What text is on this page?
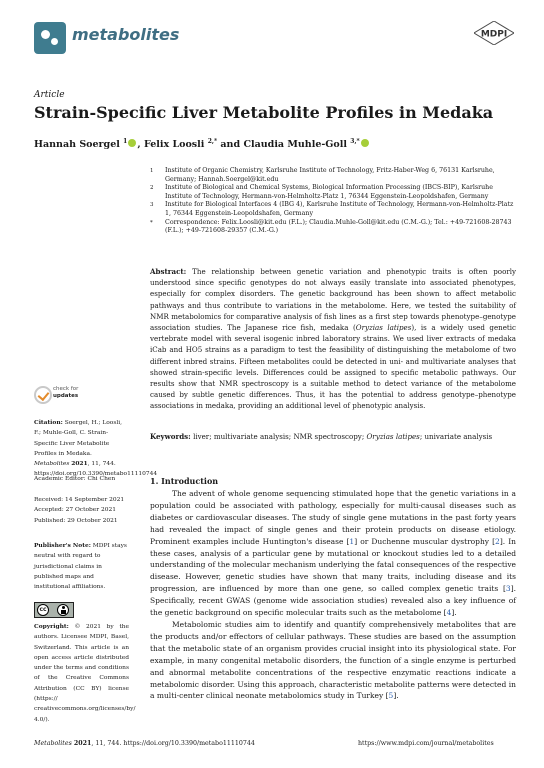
metabolites	MDPI
Article
Strain-Specific Liver Metabolite Profiles in Medaka
Hannah Soergel $^1$ , Felix Loosli $^{2,*}$ and Claudia Muhle-Goll $^{3,*}$
1 Institute of Organic Chemistry, Karlsruhe Institute of Technology, Fritz-Haber-Weg 6, 76131 Karlsruhe, Germany; Hannah.Soergel@kit.edu
2 Institute of Biological and Chemical Systems, Biological Information Processing (IBCS-BIP), Karlsruhe Institute of Technology, Hermann-von-Helmholtz-Platz 1, 76344 Eggenstein-Leopoldshafen, Germany
3 Institute for Biological Interfaces 4 (IBG 4), Karlsruhe Institute of Technology, Hermann-von-Helmholtz-Platz 1, 76344 Eggenstein-Leopoldshafen, Germany
* Correspondence: Felix.Loosli@kit.edu (F.L.); Claudia.Muhle-Goll@kit.edu (C.M.-G.); Tel.: +49-721608-28743 (F.L.); +49-721608-29357 (C.M.-G.)
Abstract: The relationship between genetic variation and phenotypic traits is often poorly understood since specific genotypes do not always easily translate into associated phenotypes, especially for complex disorders. The genetic background has been shown to affect metabolic pathways and thus contribute to variations in the metabolome. Here, we tested the suitability of NMR metabolomics for comparative analysis of fish lines as a first step towards phenotype–genotype association studies. The Japanese rice fish, medaka (Oryzias latipes), is a widely used genetic vertebrate model with several isogenic inbred laboratory strains. We used liver extracts of medaka iCab and HO5 strains as a paradigm to test the feasibility of distinguishing the metabolome of two different inbred strains. Fifteen metabolites could be detected in uni- and multivariate analyses that showed strain-specific levels. Differences could be assigned to specific metabolic pathways. Our results show that NMR spectroscopy is a suitable method to detect variance of the metabolome caused by subtle genetic differences. Thus, it has the potential to address genotype–phenotype associations in medaka, providing an additional level of phenotypic analysis.
Keywords: liver; multivariate analysis; NMR spectroscopy; Oryzias latipes; univariate analysis
check for
updates
Citation: Soergel, H.; Loosli, F.; Muhle-Goll, C. Strain-Specific Liver Metabolite Profiles in Medaka. Metabolites 2021, 11, 744. https://doi.org/10.3390/metabo11110744
Academic Editor: Chi Chen
Received: 14 September 2021
Accepted: 27 October 2021
Published: 29 October 2021
Publisher's Note: MDPI stays neutral with regard to jurisdictional claims in published maps and institutional affiliations.
cc
Copyright: © 2021 by the authors. Licensee MDPI, Basel, Switzerland. This article is an open access article distributed under the terms and conditions of the Creative Commons Attribution (CC BY) license (https:// creativecommons.org/licenses/by/ 4.0/).
1. Introduction

The advent of whole genome sequencing stimulated hope that the genetic variations in a population could be associated with pathology, especially for multi-causal diseases such as diabetes or cardiovascular diseases. The study of single gene mutations in the past forty years had revealed the impact of single genes and their protein products on disease etiology. Prominent examples include Huntington's disease [1] or Duchenne muscular dystrophy [2]. In these cases, analysis of a particular gene by mutational or knockout studies led to a detailed understanding of the molecular mechanism underlying the fatal consequences of the respective disease. However, genetic studies have shown that many traits, including disease and its progression, are influenced by more than one gene, so called complex genetic traits [3]. Specifically, recent GWAS (genome wide association studies) revealed also a key influence of the genetic background on specific molecular traits such as the metabolome [4].

Metabolomic studies aim to identify and quantify comprehensively metabolites that are the products and/or effectors of cellular pathways. These studies are based on the assumption that the metabolic state of an organism provides crucial insight into its physiological state. For example, in many congenital metabolic disorders, the function of a single enzyme is perturbed and abnormal metabolite concentrations of the respective enzymatic reactions indicate a metabolomic disorder. Using this approach, characteristic metabolite patterns were detected in a multi-center clinical neonate metabolomics study in Turkey [5].

Metabolites 2021, 11, 744. https://doi.org/10.3390/metabo11110744	https://www.mdpi.com/journal/metabolites
